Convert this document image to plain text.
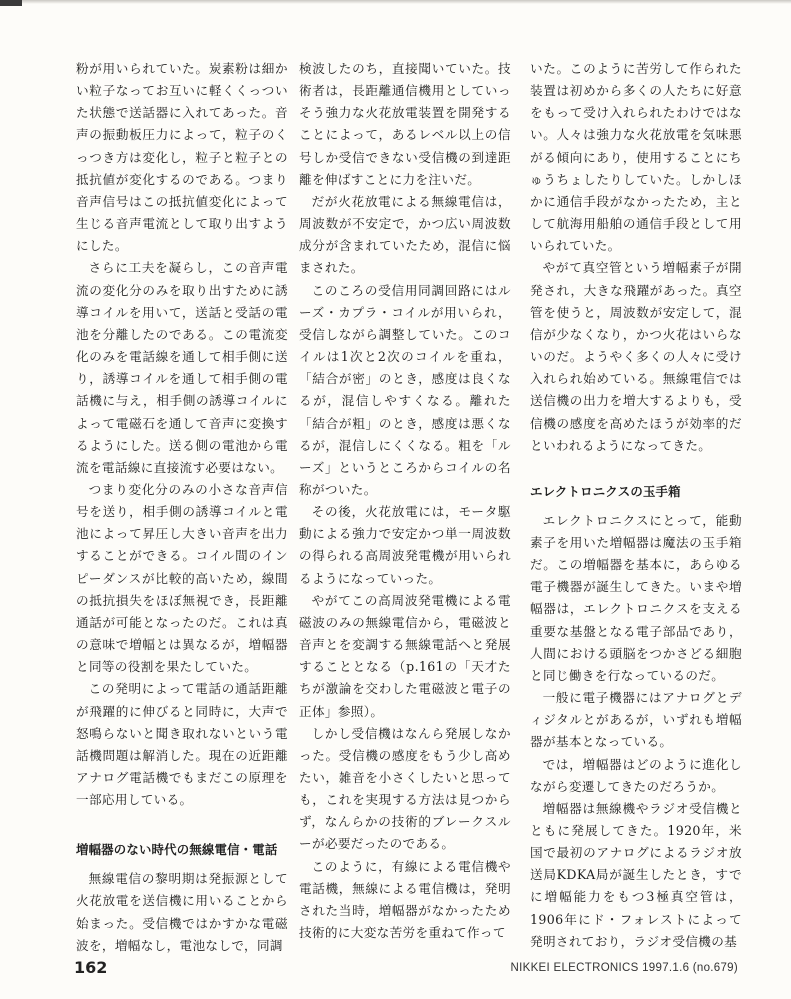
粉が用いられていた。炭素粉は細かい粒子なってお互いに軽くくっついた状態で送話器に入れてあった。音声の振動板圧力によって，粒子のくっつき方は変化し，粒子と粒子との抵抗値が変化するのである。つまり音声信号はこの抵抗値変化によって生じる音声電流として取り出すようにした。

さらに工夫を凝らし，この音声電流の変化分のみを取り出すために誘導コイルを用いて，送話と受話の電池を分離したのである。この電流変化のみを電話線を通して相手側に送り，誘導コイルを通して相手側の電話機に与え，相手側の誘導コイルによって電磁石を通して音声に変換するようにした。送る側の電池から電流を電話線に直接流す必要はない。

つまり変化分のみの小さな音声信号を送り，相手側の誘導コイルと電池によって昇圧し大きい音声を出力することができる。コイル間のインピーダンスが比較的高いため，線間の抵抗損失をほぼ無視でき，長距離通話が可能となったのだ。これは真の意味で増幅とは異なるが，増幅器と同等の役割を果たしていた。

この発明によって電話の通話距離が飛躍的に伸びると同時に，大声で怒鳴らないと聞き取れないという電話機問題は解消した。現在の近距離アナログ電話機でもまだこの原理を一部応用している。

増幅器のない時代の無線電信・電話

無線電信の黎明期は発振源として火花放電を送信機に用いることから始まった。受信機ではかすかな電磁波を，増幅なし，電池なしで，同調

検波したのち，直接聞いていた。技術者は，長距離通信機用としていっそう強力な火花放電装置を開発することによって，あるレベル以上の信号しか受信できない受信機の到達距離を伸ばすことに力を注いだ。

だが火花放電による無線電信は，周波数が不安定で，かつ広い周波数成分が含まれていたため，混信に悩まされた。

このころの受信用同調回路にはルーズ・カプラ・コイルが用いられ，受信しながら調整していた。このコイルは1次と2次のコイルを重ね，「結合が密」のとき，感度は良くなるが，混信しやすくなる。離れた「結合が粗」のとき，感度は悪くなるが，混信しにくくなる。粗を「ルーズ」というところからコイルの名称がついた。

その後，火花放電には，モータ駆動による強力で安定かつ単一周波数の得られる高周波発電機が用いられるようになっていった。

やがてこの高周波発電機による電磁波のみの無線電信から，電磁波と音声とを変調する無線電話へと発展することとなる（p.161の「天才たちが激論を交わした電磁波と電子の正体」参照）。

しかし受信機はなんら発展しなかった。受信機の感度をもう少し高めたい，雑音を小さくしたいと思っても，これを実現する方法は見つからず，なんらかの技術的ブレークスルーが必要だったのである。

このように，有線による電信機や電話機，無線による電信機は，発明された当時，増幅器がなかったため技術的に大変な苦労を重ねて作って

いた。このように苦労して作られた装置は初めから多くの人たちに好意をもって受け入れられたわけではない。人々は強力な火花放電を気味悪がる傾向にあり，使用することにちゅうちょしたりしていた。しかしほかに通信手段がなかったため，主として航海用船舶の通信手段として用いられていた。

やがて真空管という増幅素子が開発され，大きな飛躍があった。真空管を使うと，周波数が安定して，混信が少なくなり，かつ火花はいらないのだ。ようやく多くの人々に受け入れられ始めている。無線電信では送信機の出力を増大するよりも，受信機の感度を高めたほうが効率的だといわれるようになってきた。

エレクトロニクスの玉手箱

エレクトロニクスにとって，能動素子を用いた増幅器は魔法の玉手箱だ。この増幅器を基本に，あらゆる電子機器が誕生してきた。いまや増幅器は，エレクトロニクスを支える重要な基盤となる電子部品であり，人間における頭脳をつかさどる細胞と同じ働きを行なっているのだ。

一般に電子機器にはアナログとディジタルとがあるが，いずれも増幅器が基本となっている。

では，増幅器はどのように進化しながら変遷してきたのだろうか。

増幅器は無線機やラジオ受信機とともに発展してきた。1920年，米国で最初のアナログによるラジオ放送局KDKA局が誕生したとき，すでに増幅能力をもつ3極真空管は，1906年にド・フォレストによって発明されており，ラジオ受信機の基

162	NIKKEI ELECTRONICS 1997.1.6 (no.679)
